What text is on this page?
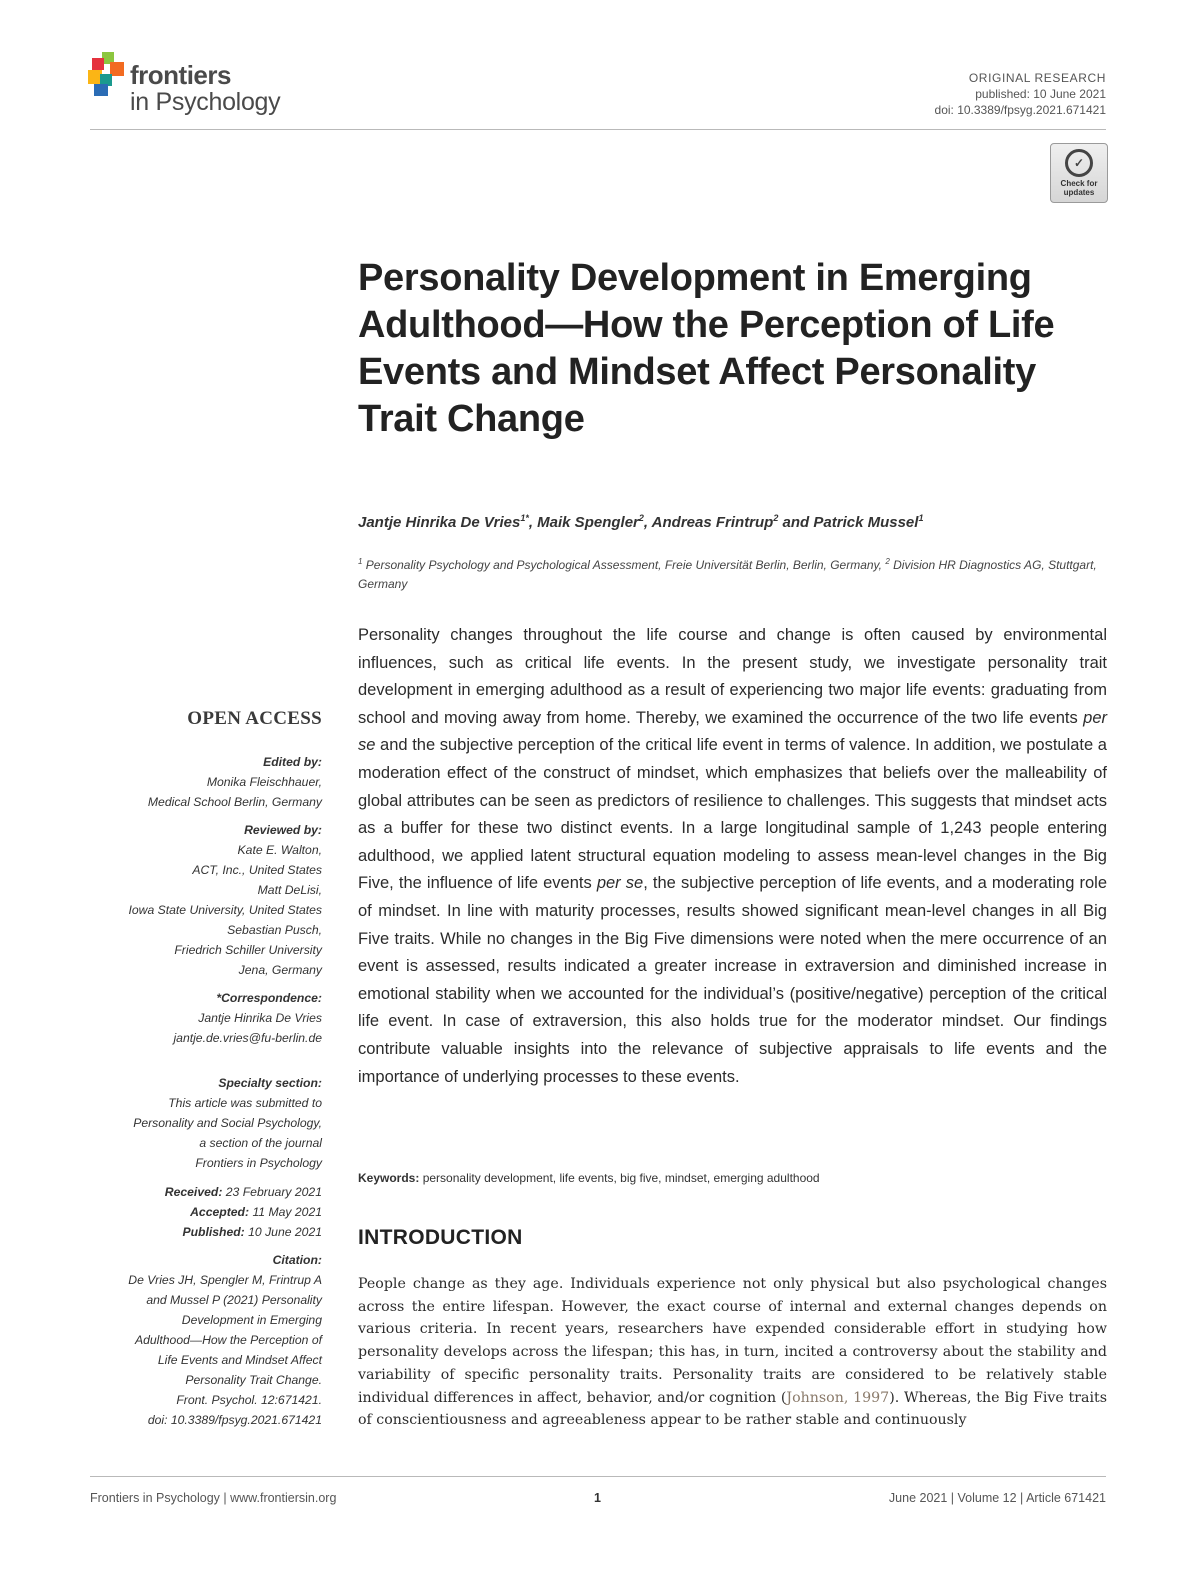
frontiers
in Psychology
ORIGINAL RESEARCH
published: 10 June 2021
doi: 10.3389/fpsyg.2021.671421
✓
Check for updates
Personality Development in Emerging Adulthood—How the Perception of Life Events and Mindset Affect Personality Trait Change
Jantje Hinrika De Vries$^{1*}$, Maik Spengler$^2$, Andreas Frintrup$^2$ and Patrick Mussel$^1$
$^1$ Personality Psychology and Psychological Assessment, Freie Universität Berlin, Berlin, Germany, $^2$ Division HR Diagnostics AG, Stuttgart, Germany
Personality changes throughout the life course and change is often caused by environmental influences, such as critical life events. In the present study, we investigate personality trait development in emerging adulthood as a result of experiencing two major life events: graduating from school and moving away from home. Thereby, we examined the occurrence of the two life events per se and the subjective perception of the critical life event in terms of valence. In addition, we postulate a moderation effect of the construct of mindset, which emphasizes that beliefs over the malleability of global attributes can be seen as predictors of resilience to challenges. This suggests that mindset acts as a buffer for these two distinct events. In a large longitudinal sample of 1,243 people entering adulthood, we applied latent structural equation modeling to assess mean-level changes in the Big Five, the influence of life events per se, the subjective perception of life events, and a moderating role of mindset. In line with maturity processes, results showed significant mean-level changes in all Big Five traits. While no changes in the Big Five dimensions were noted when the mere occurrence of an event is assessed, results indicated a greater increase in extraversion and diminished increase in emotional stability when we accounted for the individual’s (positive/negative) perception of the critical life event. In case of extraversion, this also holds true for the moderator mindset. Our findings contribute valuable insights into the relevance of subjective appraisals to life events and the importance of underlying processes to these events.
Keywords: personality development, life events, big five, mindset, emerging adulthood
INTRODUCTION
People change as they age. Individuals experience not only physical but also psychological changes across the entire lifespan. However, the exact course of internal and external changes depends on various criteria. In recent years, researchers have expended considerable effort in studying how personality develops across the lifespan; this has, in turn, incited a controversy about the stability and variability of specific personality traits. Personality traits are considered to be relatively stable individual differences in affect, behavior, and/or cognition (Johnson, 1997). Whereas, the Big Five traits of conscientiousness and agreeableness appear to be rather stable and continuously
OPEN ACCESS
Edited by:
Monika Fleischhauer,
Medical School Berlin, Germany
Reviewed by:
Kate E. Walton,
ACT, Inc., United States
Matt DeLisi,
Iowa State University, United States
Sebastian Pusch,
Friedrich Schiller University
Jena, Germany
*Correspondence:
Jantje Hinrika De Vries
jantje.de.vries@fu-berlin.de
Specialty section:
This article was submitted to
Personality and Social Psychology,
a section of the journal
Frontiers in Psychology
Received: 23 February 2021
Accepted: 11 May 2021
Published: 10 June 2021
Citation:
De Vries JH, Spengler M, Frintrup A
and Mussel P (2021) Personality
Development in Emerging
Adulthood—How the Perception of
Life Events and Mindset Affect
Personality Trait Change.
Front. Psychol. 12:671421.
doi: 10.3389/fpsyg.2021.671421
Frontiers in Psychology | www.frontiersin.org	1	June 2021 | Volume 12 | Article 671421
